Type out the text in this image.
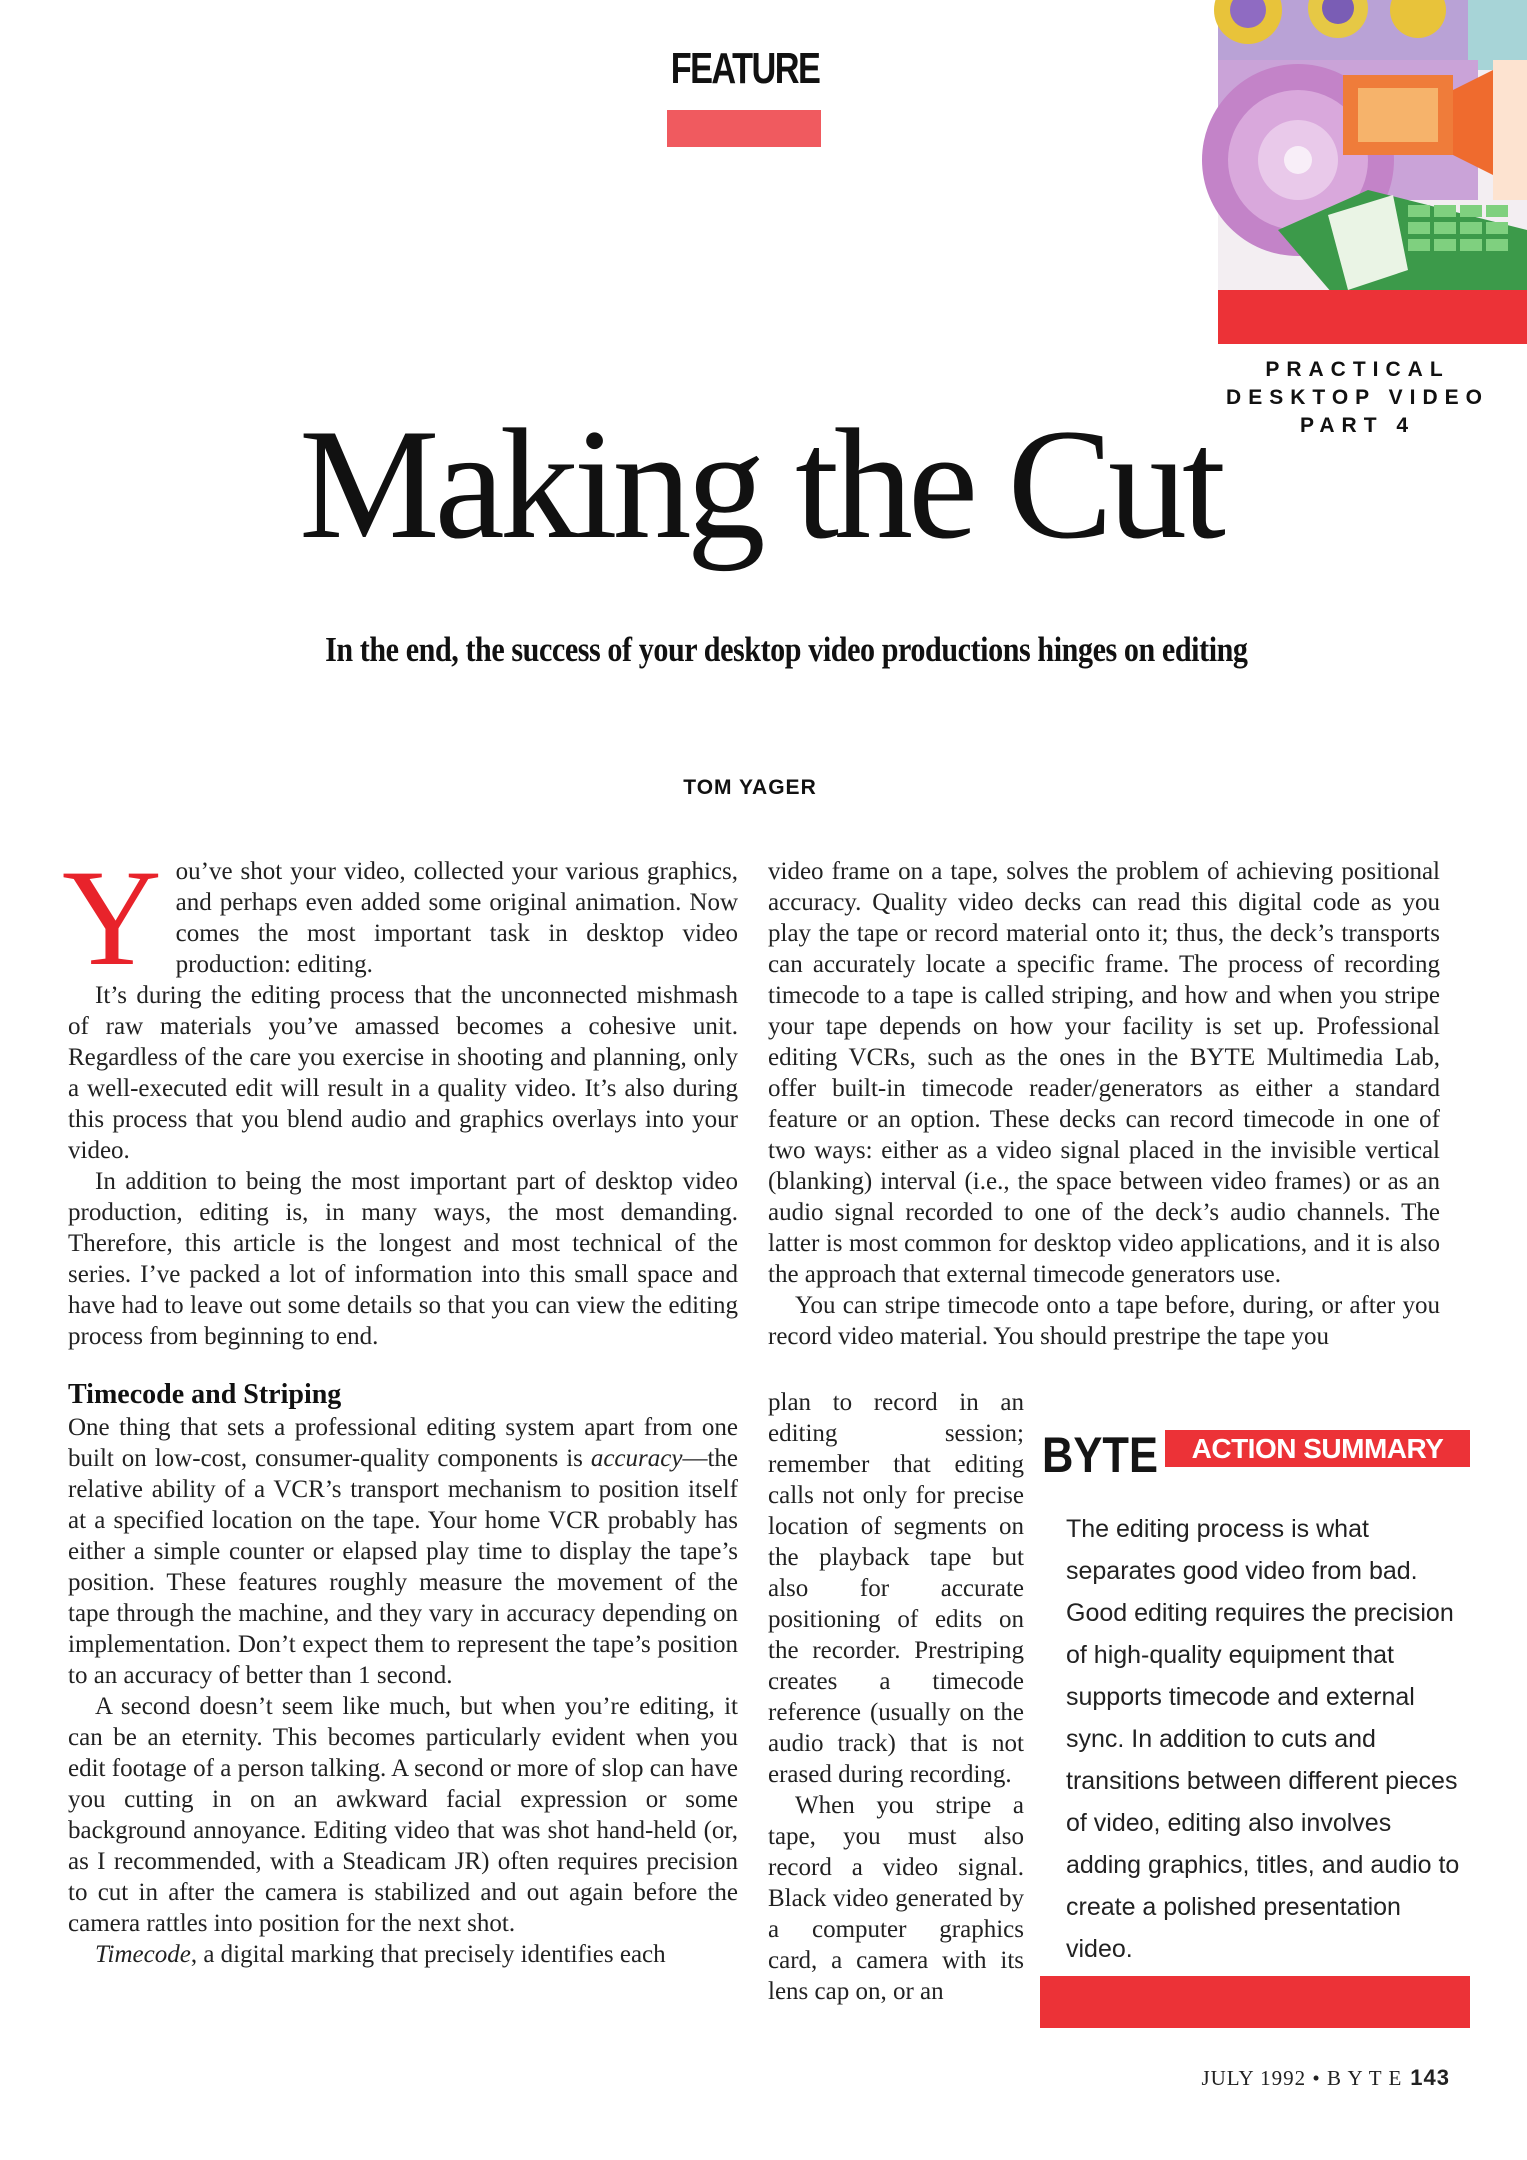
FEATURE
PRACTICAL
DESKTOP VIDEO
PART 4
Making the Cut
In the end, the success of your desktop video productions hinges on editing
TOM YAGER

You’ve shot your video, collected your various graphics, and perhaps even added some original animation. Now comes the most important task in desktop video production: editing.

It’s during the editing process that the unconnected mishmash of raw materials you’ve amassed becomes a cohesive unit. Regardless of the care you exercise in shooting and planning, only a well-executed edit will result in a quality video. It’s also during this process that you blend audio and graphics overlays into your video.

In addition to being the most important part of desktop video production, editing is, in many ways, the most demanding. Therefore, this article is the longest and most technical of the series. I’ve packed a lot of information into this small space and have had to leave out some details so that you can view the editing process from beginning to end.

Timecode and Striping

One thing that sets a professional editing system apart from one built on low-cost, consumer-quality components is accuracy—the relative ability of a VCR’s transport mechanism to position itself at a specified location on the tape. Your home VCR probably has either a simple counter or elapsed play time to display the tape’s position. These features roughly measure the movement of the tape through the machine, and they vary in accuracy depending on implementation. Don’t expect them to represent the tape’s position to an accuracy of better than 1 second.

A second doesn’t seem like much, but when you’re editing, it can be an eternity. This becomes particularly evident when you edit footage of a person talking. A second or more of slop can have you cutting in on an awkward facial expression or some background annoyance. Editing video that was shot hand-held (or, as I recommended, with a Steadicam JR) often requires precision to cut in after the camera is stabilized and out again before the camera rattles into position for the next shot.

Timecode, a digital marking that precisely identifies each

video frame on a tape, solves the problem of achieving positional accuracy. Quality video decks can read this digital code as you play the tape or record material onto it; thus, the deck’s transports can accurately locate a specific frame. The process of recording timecode to a tape is called striping, and how and when you stripe your tape depends on how your facility is set up. Professional editing VCRs, such as the ones in the BYTE Multimedia Lab, offer built-in timecode reader/generators as either a standard feature or an option. These decks can record timecode in one of two ways: either as a video signal placed in the invisible vertical (blanking) interval (i.e., the space between video frames) or as an audio signal recorded to one of the deck’s audio channels. The latter is most common for desktop video applications, and it is also the approach that external timecode generators use.

You can stripe timecode onto a tape before, during, or after you record video material. You should prestripe the tape you

plan to record in an editing session; remember that editing calls not only for precise location of segments on the playback tape but also for accurate positioning of edits on the recorder. Prestriping creates a timecode reference (usually on the audio track) that is not erased during recording.

When you stripe a tape, you must also record a video signal. Black video generated by a computer graphics card, a camera with its lens cap on, or an

BYTE	ACTION SUMMARY
The editing process is what separates good video from bad. Good editing requires the precision of high-quality equipment that supports timecode and external sync. In addition to cuts and transitions between different pieces of video, editing also involves adding graphics, titles, and audio to create a polished presentation video.
JULY 1992 • B Y T E 143
